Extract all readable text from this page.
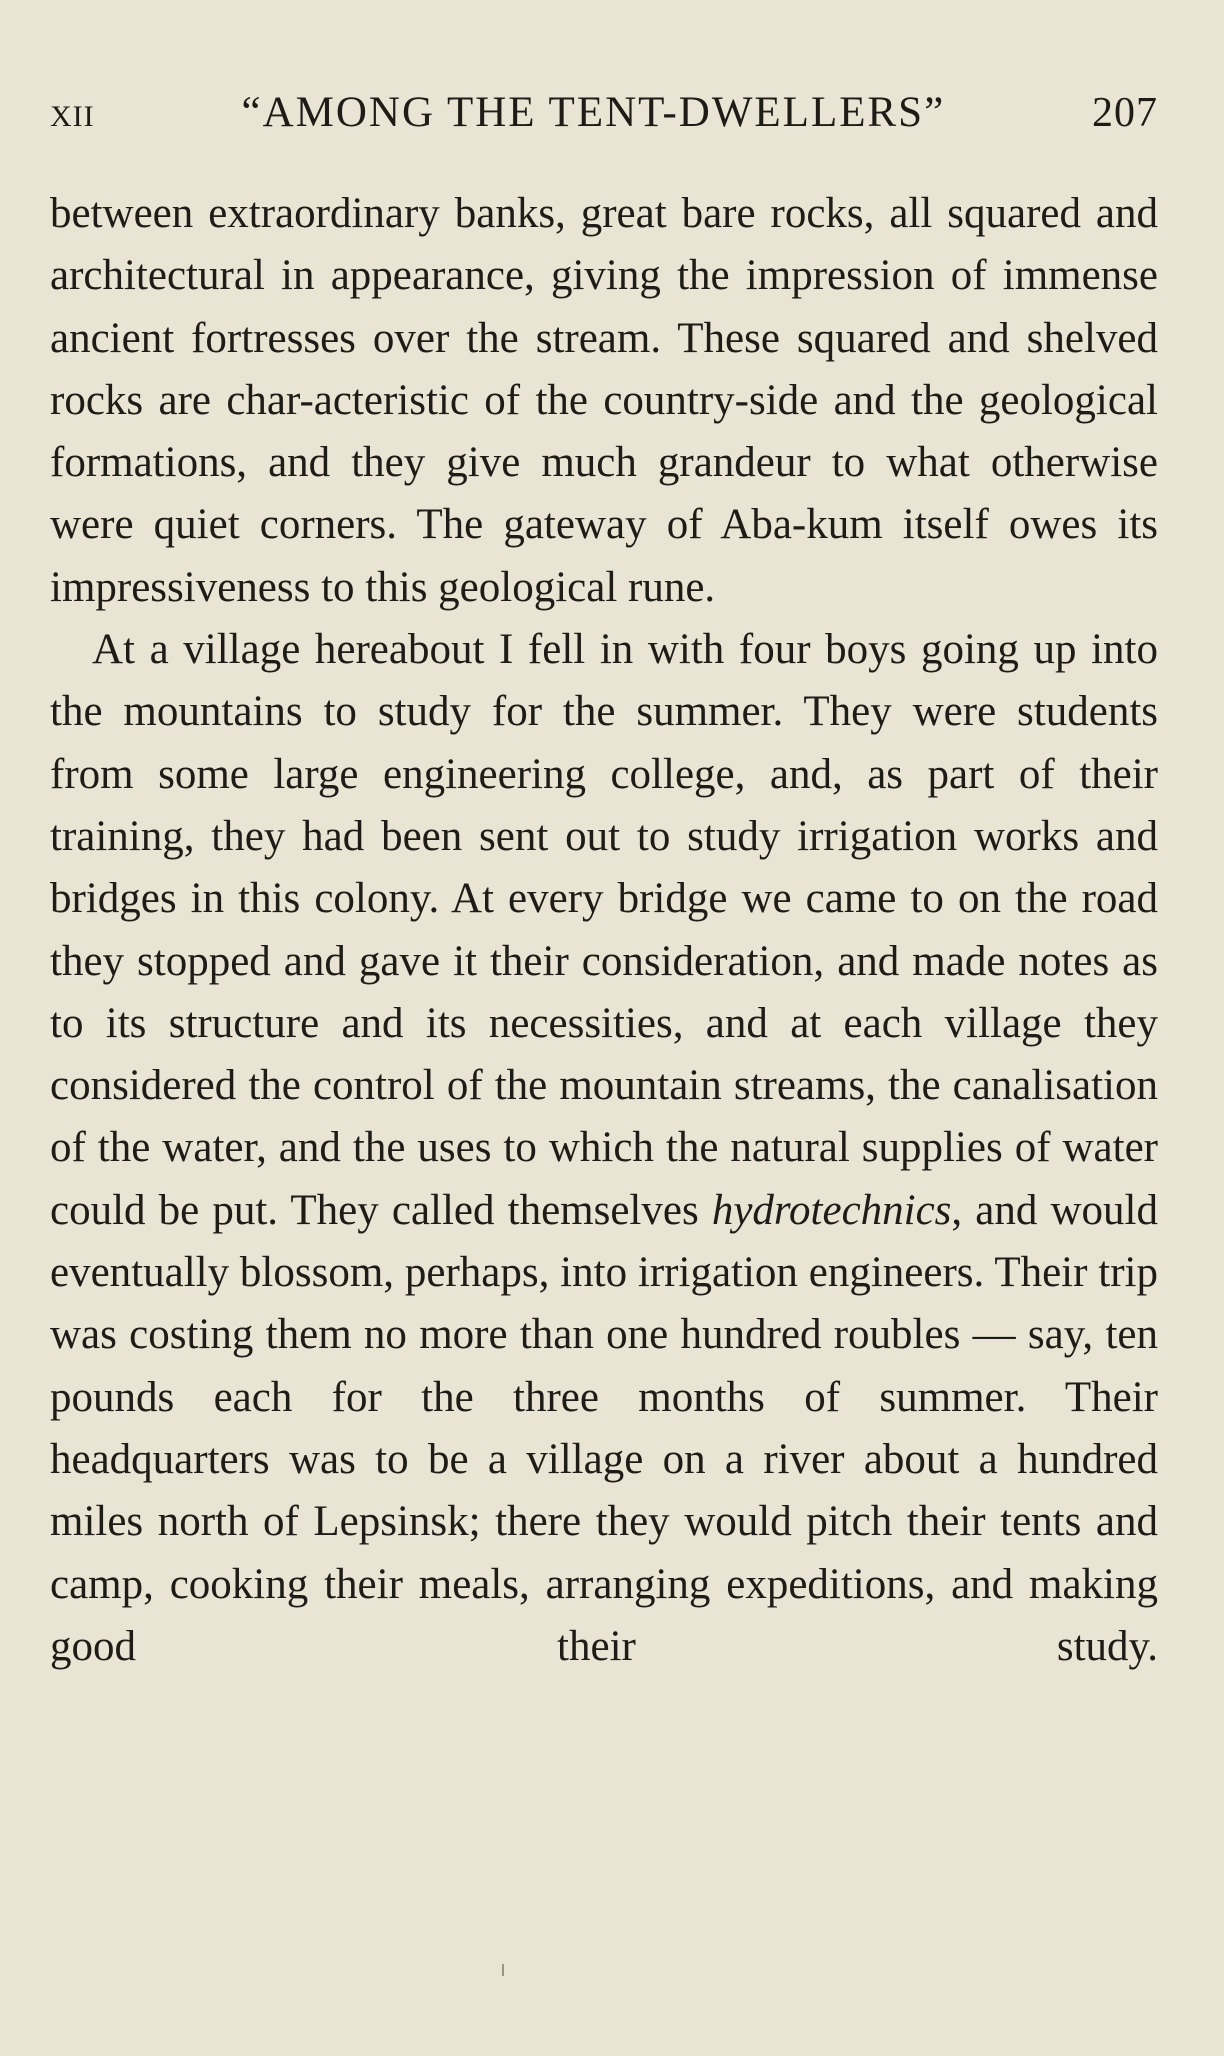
xii	“AMONG THE TENT-DWELLERS”	207

between extraordinary banks, great bare rocks, all squared and architectural in appearance, giving the impression of immense ancient fortresses over the stream. These squared and shelved rocks are char-acteristic of the country-side and the geological formations, and they give much grandeur to what otherwise were quiet corners. The gateway of Aba-kum itself owes its impressiveness to this geological rune.

At a village hereabout I fell in with four boys going up into the mountains to study for the summer. They were students from some large engineering college, and, as part of their training, they had been sent out to study irrigation works and bridges in this colony. At every bridge we came to on the road they stopped and gave it their consideration, and made notes as to its structure and its necessities, and at each village they considered the control of the mountain streams, the canalisation of the water, and the uses to which the natural supplies of water could be put. They called themselves hydrotechnics, and would eventually blossom, perhaps, into irrigation engineers. Their trip was costing them no more than one hundred roubles — say, ten pounds each for the three months of summer. Their headquarters was to be a village on a river about a hundred miles north of Lepsinsk; there they would pitch their tents and camp, cooking their meals, arranging expeditions, and making good their study.
